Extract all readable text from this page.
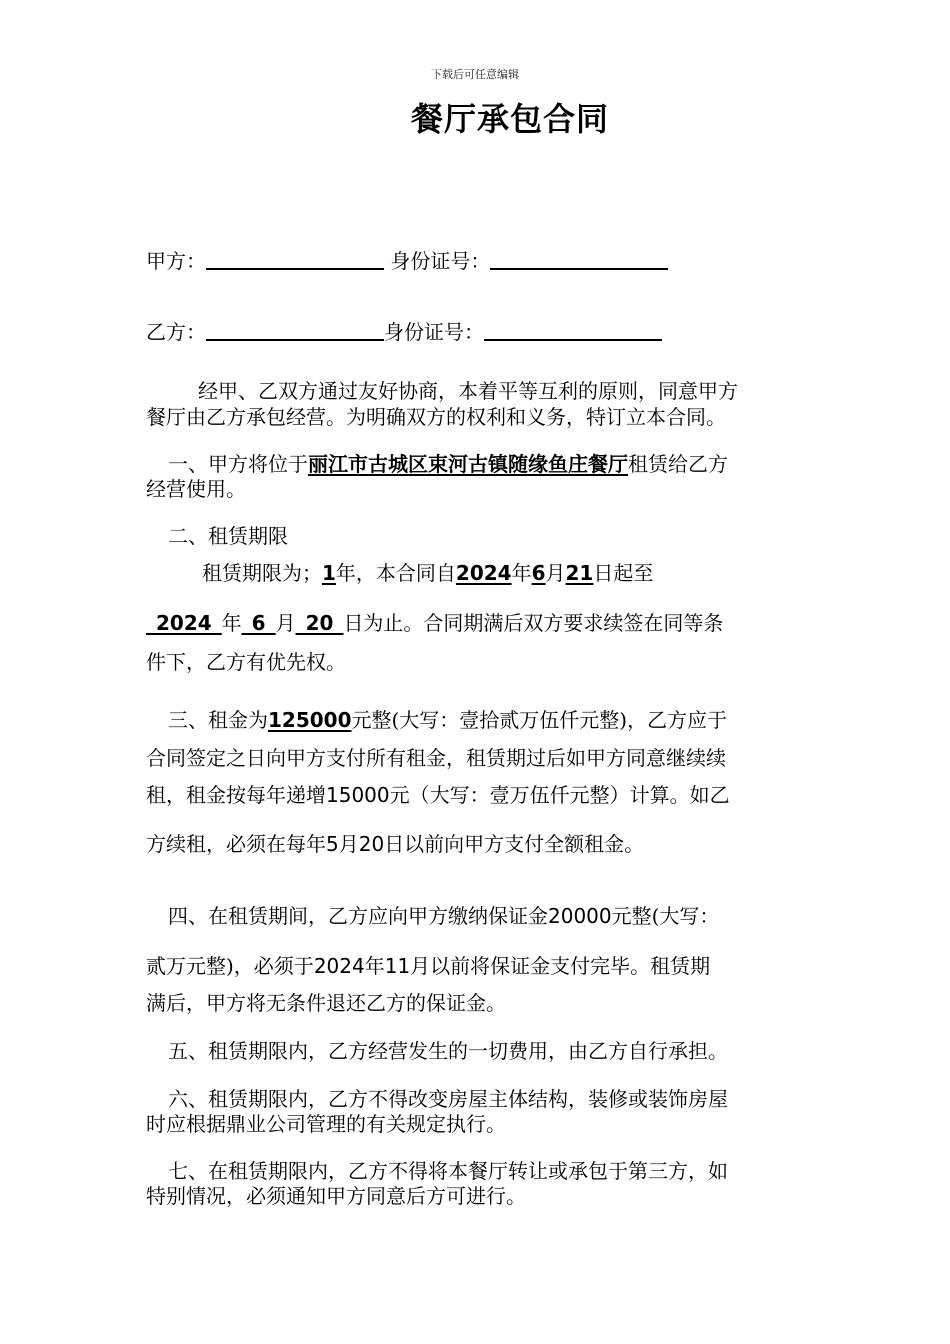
下载后可任意编辑
餐厅承包合同
甲方：	身份证号：
乙方：	身份证号：
经甲、乙双方通过友好协商，本着平等互利的原则，同意甲方
餐厅由乙方承包经营。为明确双方的权利和义务，特订立本合同。
一、甲方将位于丽江市古城区束河古镇随缘鱼庄餐厅租赁给乙方
经营使用。
二、租赁期限
租赁期限为；1年，本合同自2024年6月21日起至
_2024_年_6_月_20_日为止。合同期满后双方要求续签在同等条
件下，乙方有优先权。
三、租金为125000元整(大写：壹拾贰万伍仟元整)，乙方应于
合同签定之日向甲方支付所有租金，租赁期过后如甲方同意继续续
租，租金按每年递增15000元（大写：壹万伍仟元整）计算。如乙
方续租，必须在每年5月20日以前向甲方支付全额租金。
四、在租赁期间，乙方应向甲方缴纳保证金20000元整(大写：
贰万元整)，必须于2024年11月以前将保证金支付完毕。租赁期
满后，甲方将无条件退还乙方的保证金。
五、租赁期限内，乙方经营发生的一切费用，由乙方自行承担。
六、租赁期限内，乙方不得改变房屋主体结构，装修或装饰房屋
时应根据鼎业公司管理的有关规定执行。
七、在租赁期限内，乙方不得将本餐厅转让或承包于第三方，如
特别情况，必须通知甲方同意后方可进行。
